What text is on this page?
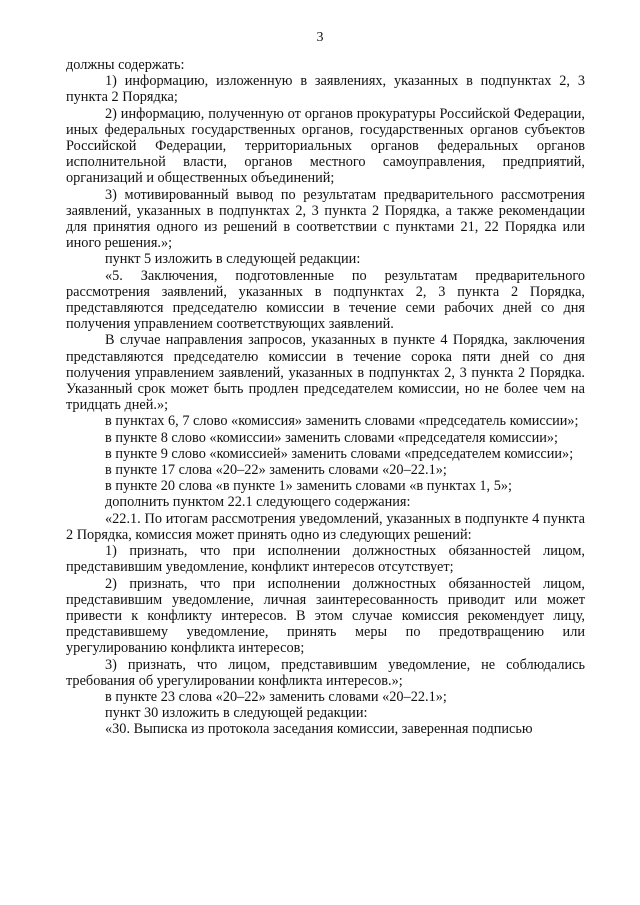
3

должны содержать:

1) информацию, изложенную в заявлениях, указанных в подпунктах 2, 3 пункта 2 Порядка;

2) информацию, полученную от органов прокуратуры Российской Федерации, иных федеральных государственных органов, государственных органов субъектов Российской Федерации, территориальных органов федеральных органов исполнительной власти, органов местного самоуправления, предприятий, организаций и общественных объединений;

3) мотивированный вывод по результатам предварительного рассмотрения заявлений, указанных в подпунктах 2, 3 пункта 2 Порядка, а также рекомендации для принятия одного из решений в соответствии с пунктами 21, 22 Порядка или иного решения.»;

пункт 5 изложить в следующей редакции:

«5. Заключения, подготовленные по результатам предварительного рассмотрения заявлений, указанных в подпунктах 2, 3 пункта 2 Порядка, представляются председателю комиссии в течение семи рабочих дней со дня получения управлением соответствующих заявлений.

В случае направления запросов, указанных в пункте 4 Порядка, заключения представляются председателю комиссии в течение сорока пяти дней со дня получения управлением заявлений, указанных в подпунктах 2, 3 пункта 2 Порядка. Указанный срок может быть продлен председателем комиссии, но не более чем на тридцать дней.»;

в пунктах 6, 7 слово «комиссия» заменить словами «председатель комиссии»;

в пункте 8 слово «комиссии» заменить словами «председателя комиссии»;

в пункте 9 слово «комиссией» заменить словами «председателем комиссии»;

в пункте 17 слова «20–22» заменить словами «20–22.1»;

в пункте 20 слова «в пункте 1» заменить словами «в пунктах 1, 5»;

дополнить пунктом 22.1 следующего содержания:

«22.1. По итогам рассмотрения уведомлений, указанных в подпункте 4 пункта 2 Порядка, комиссия может принять одно из следующих решений:

1) признать, что при исполнении должностных обязанностей лицом, представившим уведомление, конфликт интересов отсутствует;

2) признать, что при исполнении должностных обязанностей лицом, представившим уведомление, личная заинтересованность приводит или может привести к конфликту интересов. В этом случае комиссия рекомендует лицу, представившему уведомление, принять меры по предотвращению или урегулированию конфликта интересов;

3) признать, что лицом, представившим уведомление, не соблюдались требования об урегулировании конфликта интересов.»;

в пункте 23 слова «20–22» заменить словами «20–22.1»;

пункт 30 изложить в следующей редакции:

«30. Выписка из протокола заседания комиссии, заверенная подписью
